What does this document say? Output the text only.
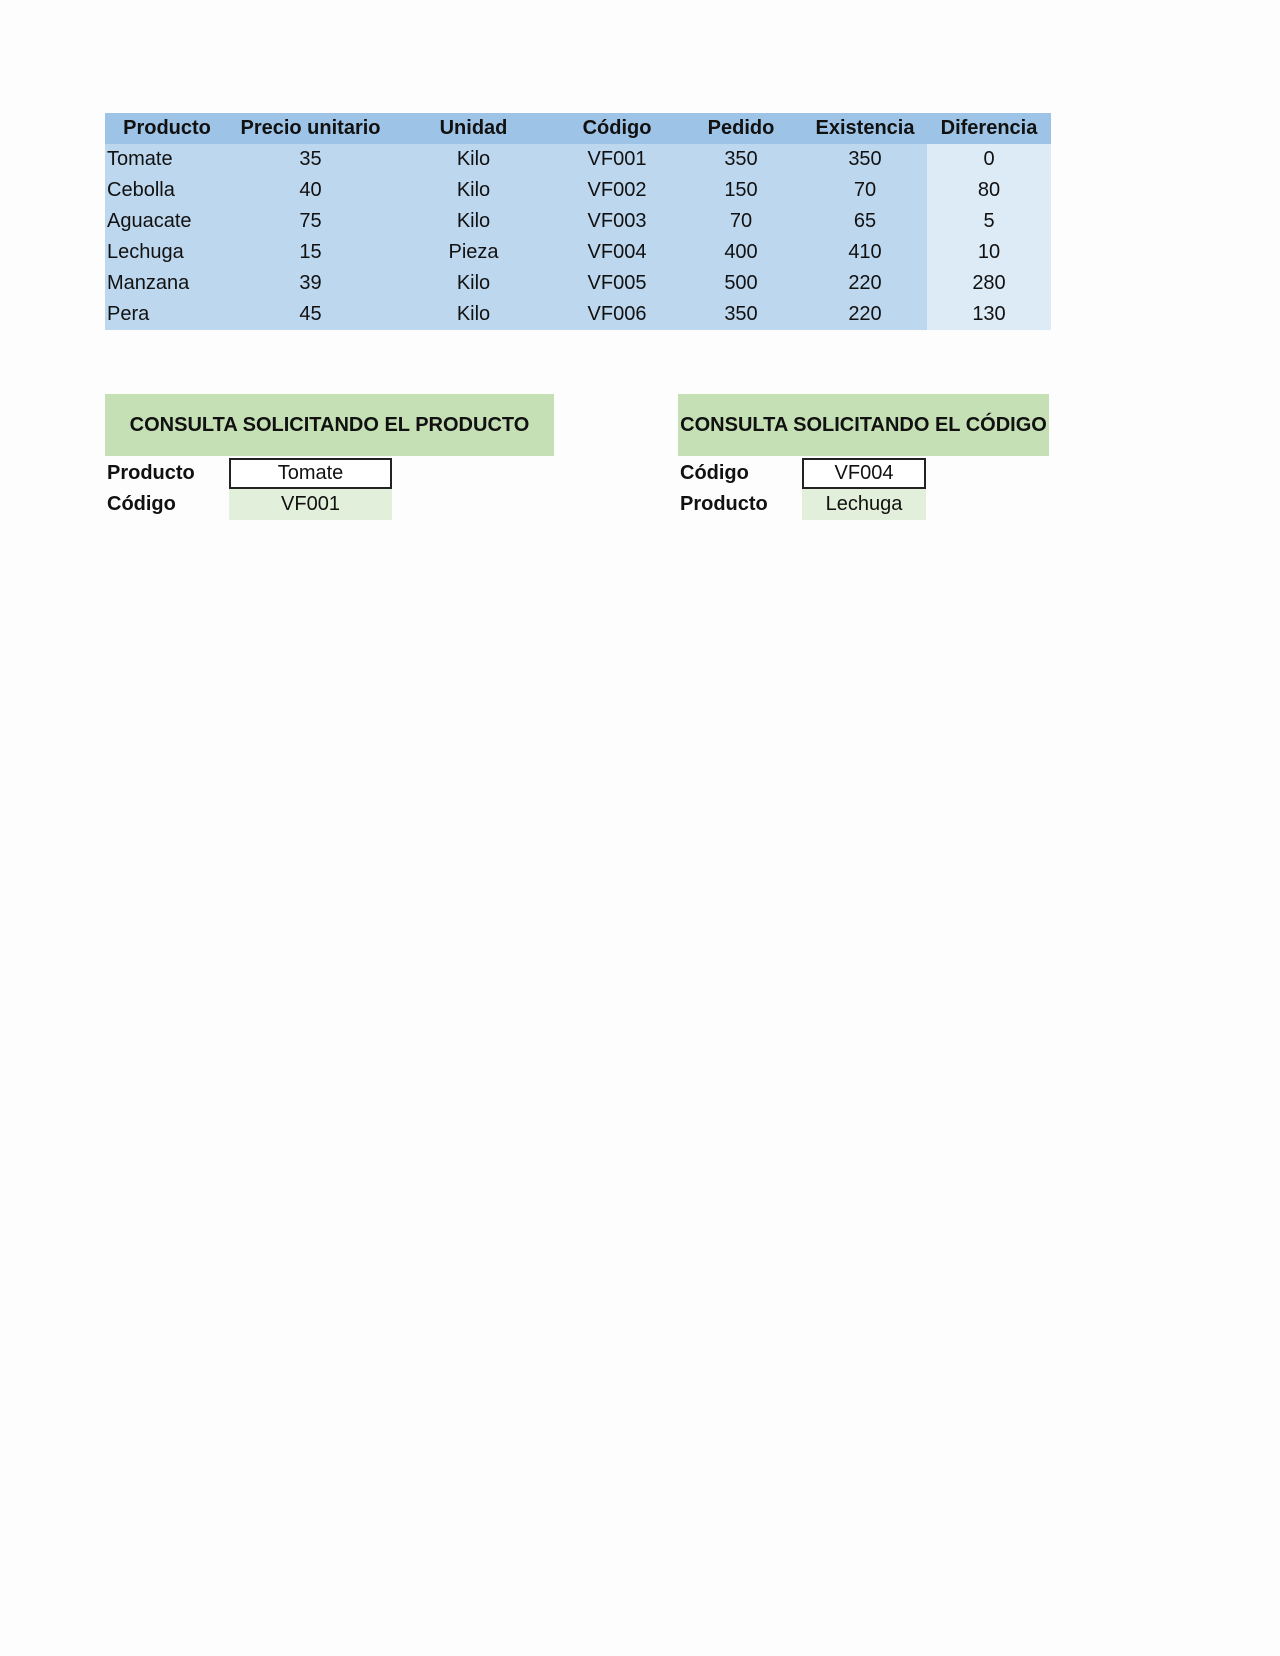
Producto	Precio unitario	Unidad	Código	Pedido	Existencia	Diferencia
Tomate	35	Kilo	VF001	350	350	0
Cebolla	40	Kilo	VF002	150	70	80
Aguacate	75	Kilo	VF003	70	65	5
Lechuga	15	Pieza	VF004	400	410	10
Manzana	39	Kilo	VF005	500	220	280
Pera	45	Kilo	VF006	350	220	130
CONSULTA SOLICITANDO EL PRODUCTO
Producto	Tomate
Código	VF001
CONSULTA SOLICITANDO EL CÓDIGO
Código	VF004
Producto	Lechuga
